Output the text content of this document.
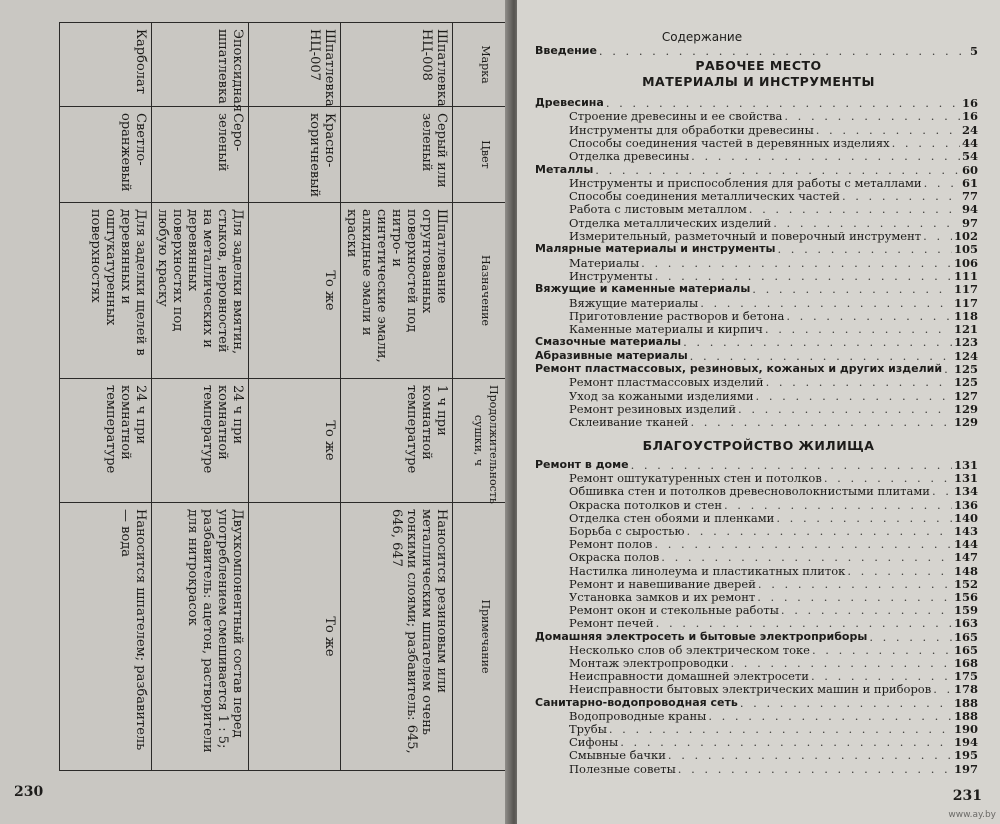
Марка	Цвет	Назначение	Продолжительность сушки, ч	Примечание
Шпатлевка НЦ-008	Серый или зеленый	Шпатлевание огрунтованных поверхностей под нитро- и синтетические эмали, алкидные эмали и краски	1 ч при комнатной температуре	Наносится резиновым или металлическим шпателем очень тонкими слоями; разбавитель: 645, 646, 647
Шпатлевка НЦ-007	Красно-коричневый	То же	То же	То же
Эпоксидная шпатлевка	Серо-зеленый	Для заделки вмятин, стыков, неровностей на металлических и деревянных поверхностях под любую краску	24 ч при комнатной температуре	Двухкомпонентный состав перед употреблением смешивается 1 : 5; разбавитель: ацетон, растворители для нитрокрасок
Карболат	Светло-оранжевый	Для заделки щелей в деревянных и оштукатуренных поверхностях	24 ч при комнатной температуре	Наносится шпателем; разбавитель — вода
230
Содержание
Введение . . .	5
РАБОЧЕЕ МЕСТО
МАТЕРИАЛЫ И ИНСТРУМЕНТЫ
Древесина . . .	16
Строение древесины и ее свойства . . .	16
Инструменты для обработки древесины . . .	24
Способы соединения частей в деревянных изделиях . . .	44
Отделка древесины . . .	54
Металлы . . .	60
Инструменты и приспособления для работы с металлами . . .	61
Способы соединения металлических частей . . .	77
Работа с листовым металлом . . .	94
Отделка металлических изделий . . .	97
Измерительный, разметочный и поверочный инструмент . . .	102
Малярные материалы и инструменты . . .	105
Материалы . . .	106
Инструменты . . .	111
Вяжущие и каменные материалы . . .	117
Вяжущие материалы . . .	117
Приготовление растворов и бетона . . .	118
Каменные материалы и кирпич . . .	121
Смазочные материалы . . .	123
Абразивные материалы . . .	124
Ремонт пластмассовых, резиновых, кожаных и других изделий . . . 125
Ремонт пластмассовых изделий . . .	125
Уход за кожаными изделиями . . .	127
Ремонт резиновых изделий . . .	129
Склеивание тканей . . .	129
БЛАГОУСТРОЙСТВО ЖИЛИЩА
Ремонт в доме . . .	131
Ремонт оштукатуренных стен и потолков . . .	131
Обшивка стен и потолков древесноволокнистыми плитами . . . 134
Окраска потолков и стен . . .	136
Отделка стен обоями и пленками . . .	140
Борьба с сыростью . . .	143
Ремонт полов . . .	144
Окраска полов . . .	147
Настилка линолеума и пластикатных плиток . . .	148
Ремонт и навешивание дверей . . .	152
Установка замков и их ремонт . . .	156
Ремонт окон и стекольные работы . . .	159
Ремонт печей . . .	163
Домашняя электросеть и бытовые электроприборы . . .	165
Несколько слов об электрическом токе . . .	165
Монтаж электропроводки . . .	168
Неисправности домашней электросети . . .	175
Неисправности бытовых электрических машин и приборов . . . 178
Санитарно-водопроводная сеть . . .	188
Водопроводные краны . . .	188
Трубы . . .	190
Сифоны . . .	194
Смывные бачки . . .	195
Полезные советы . . .	197
231
www.ay.by
